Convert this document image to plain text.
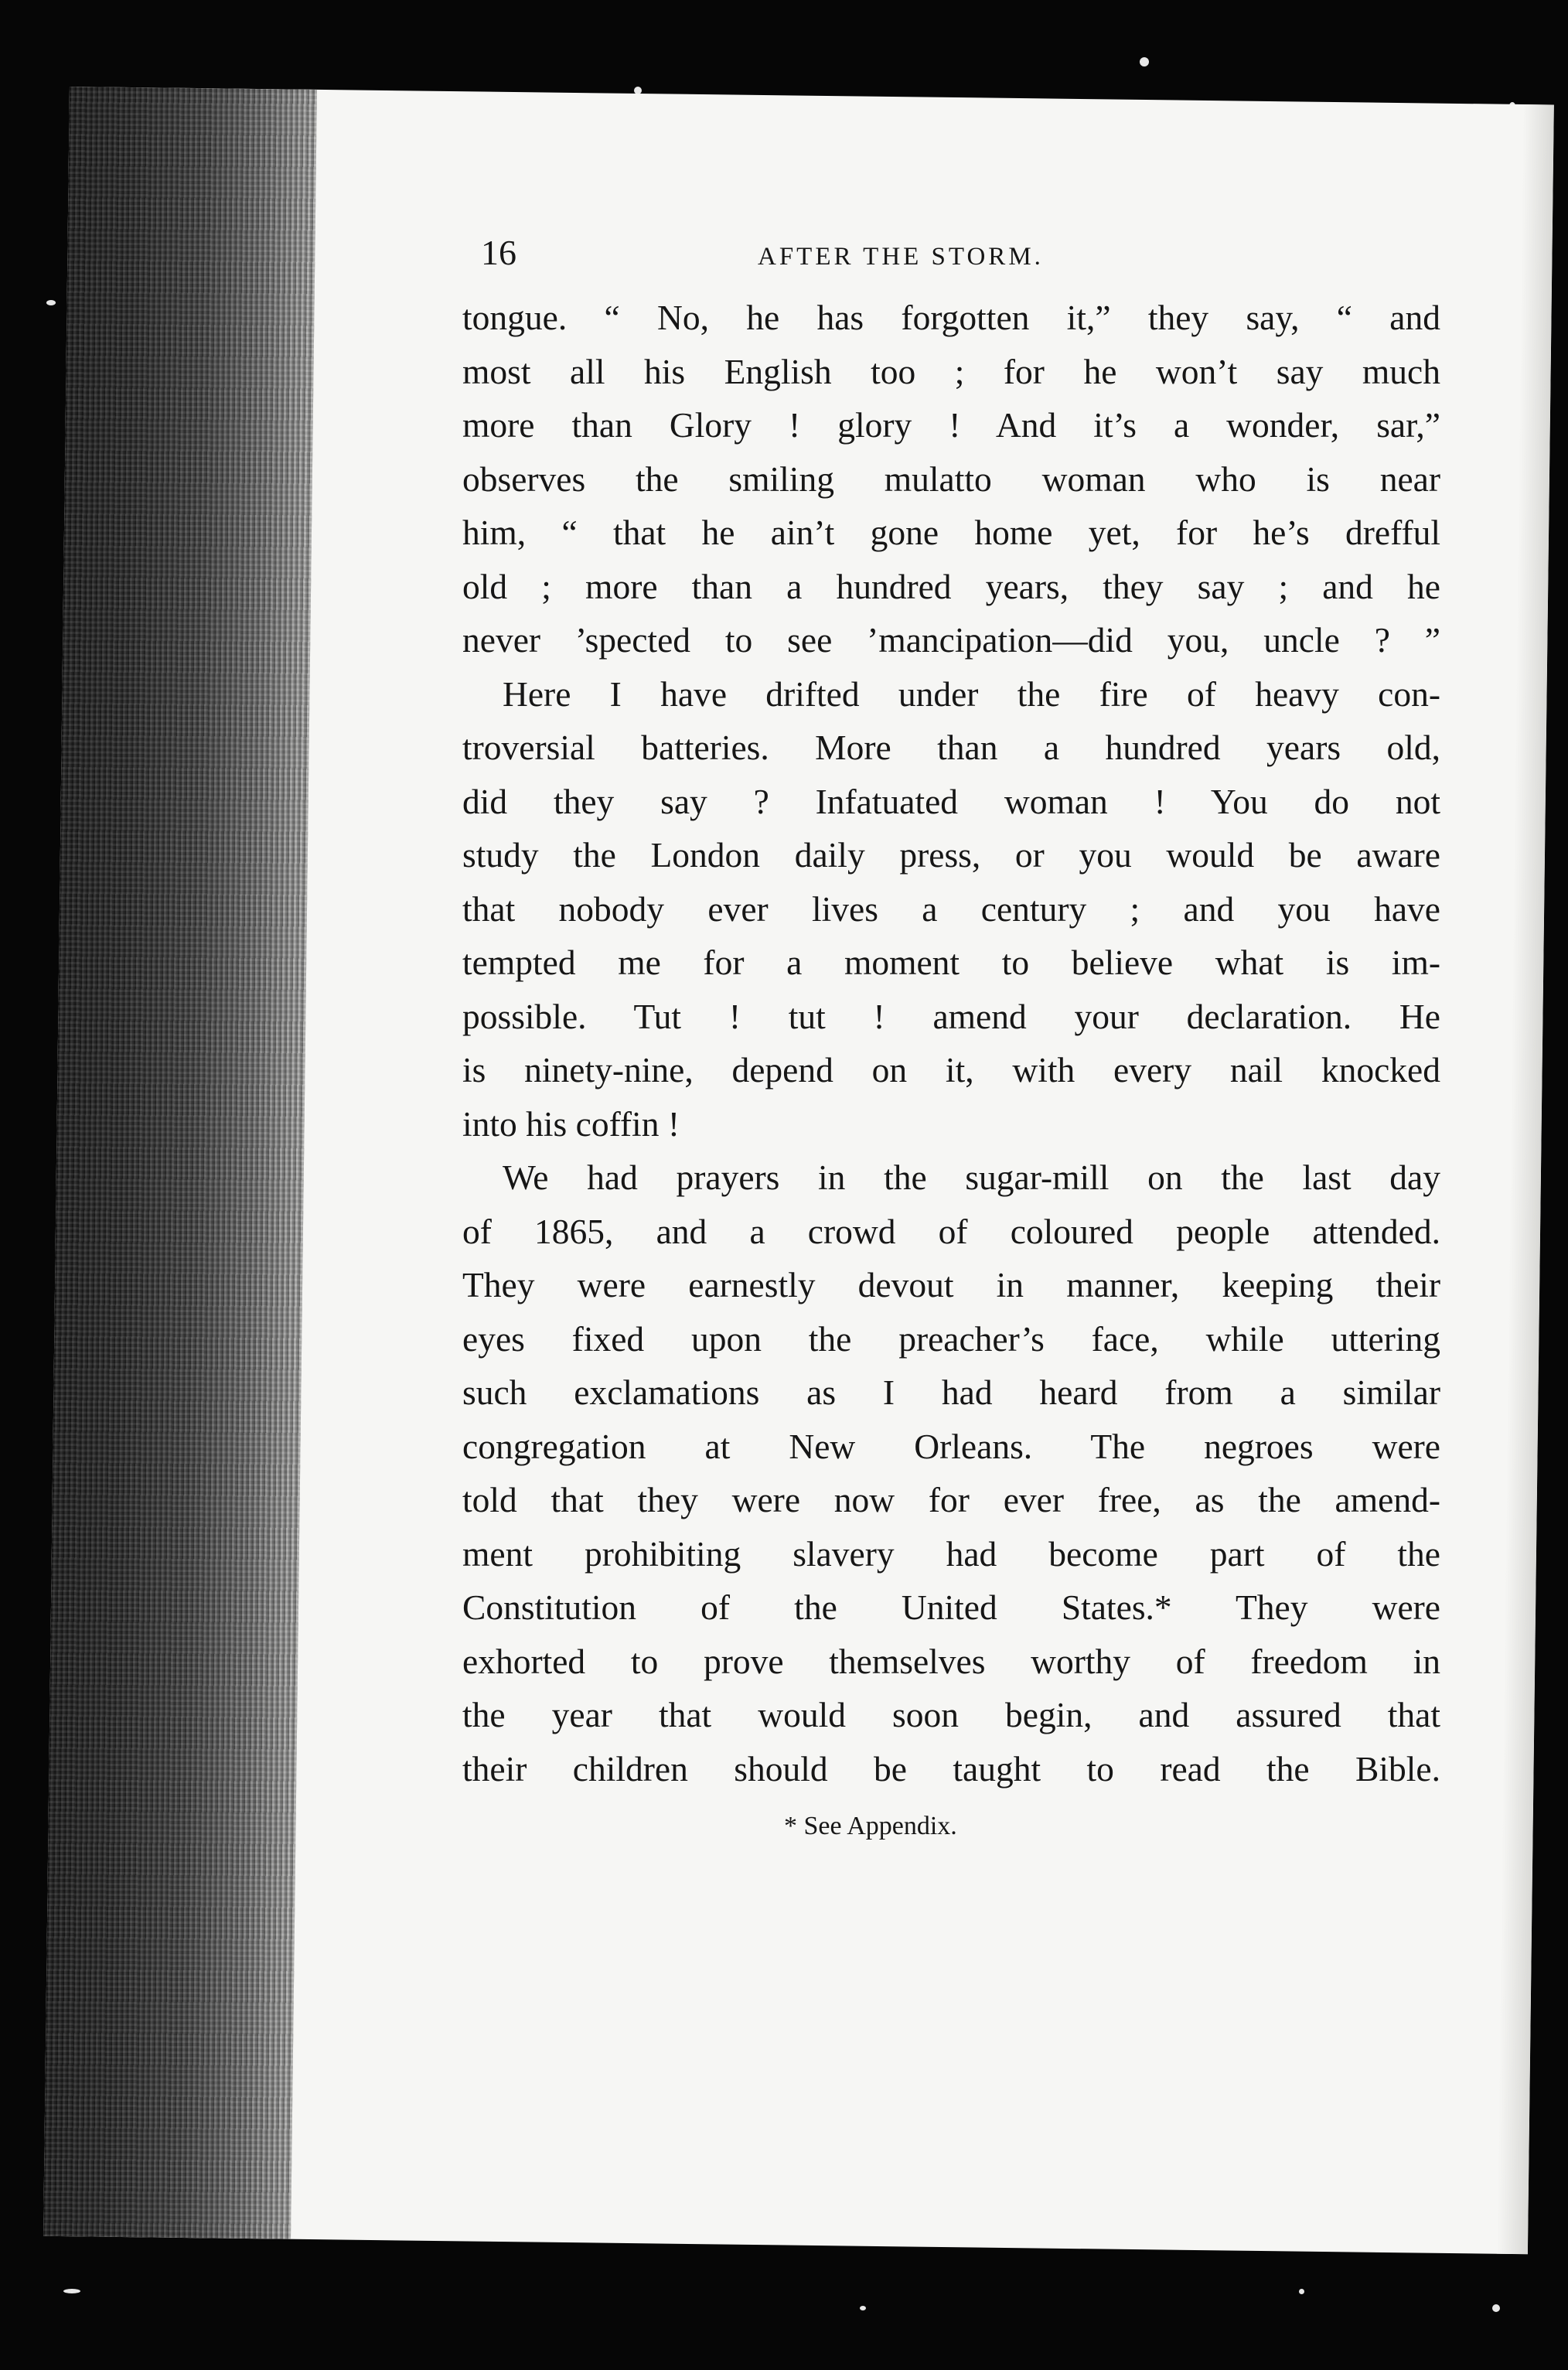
16	AFTER THE STORM.
tongue. “ No, he has forgotten it,” they say, “ and
most all his English too ; for he won’t say much
more than Glory ! glory ! And it’s a wonder, sar,”
observes the smiling mulatto woman who is near
him, “ that he ain’t gone home yet, for he’s drefful
old ; more than a hundred years, they say ; and he
never ’spected to see ’mancipation—did you, uncle ? ”
Here I have drifted under the fire of heavy con-
troversial batteries. More than a hundred years old,
did they say ? Infatuated woman ! You do not
study the London daily press, or you would be aware
that nobody ever lives a century ; and you have
tempted me for a moment to believe what is im-
possible. Tut ! tut ! amend your declaration. He
is ninety-nine, depend on it, with every nail knocked
into his coffin !
We had prayers in the sugar-mill on the last day
of 1865, and a crowd of coloured people attended.
They were earnestly devout in manner, keeping their
eyes fixed upon the preacher’s face, while uttering
such exclamations as I had heard from a similar
congregation at New Orleans. The negroes were
told that they were now for ever free, as the amend-
ment prohibiting slavery had become part of the
Constitution of the United States.* They were
exhorted to prove themselves worthy of freedom in
the year that would soon begin, and assured that
their children should be taught to read the Bible.
* See Appendix.
